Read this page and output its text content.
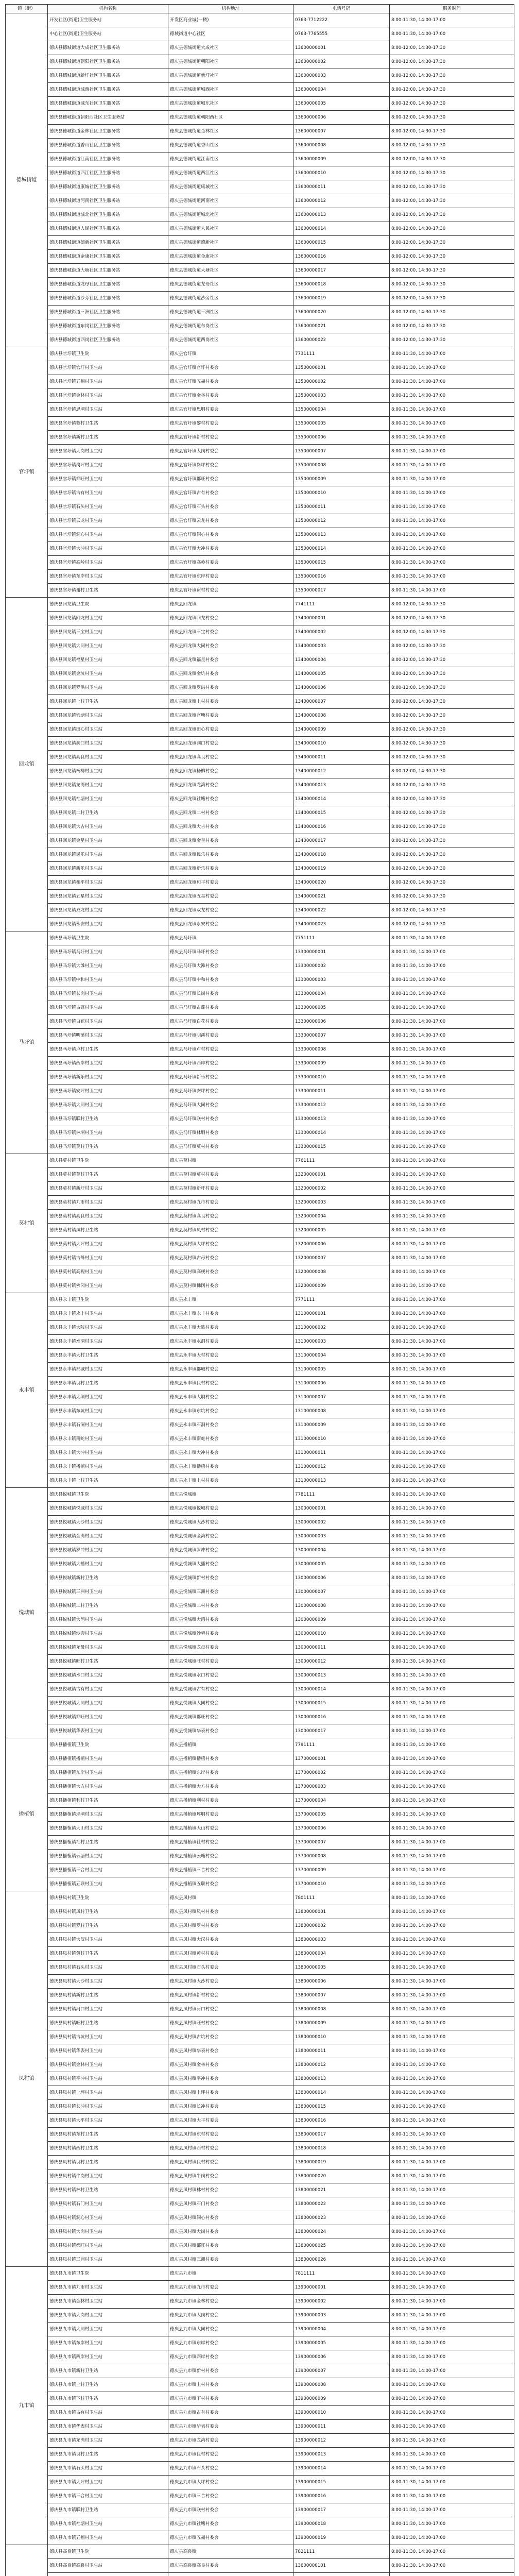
镇（街）	机构名称	机构地址	电话号码	服务时间
德城街道	开发社区(街道)卫生服务站	开发区商业城(一楼)	0763-7712222	8:00-11:30, 14:00-17:00
	中心社区(街道)卫生服务站	德城街道中心社区	0763-7765555	8:00-11:30, 14:00-17:00
	德庆县德城街道大成社区卫生服务站	德庆县德城街道大成社区	13600000001	8:00-12:00, 14:30-17:30
	德庆县德城街道朝阳社区卫生服务站	德庆县德城街道朝阳社区	13600000002	8:00-12:00, 14:30-17:30
	德庆县德城街道新圩社区卫生服务站	德庆县德城街道新圩社区	13600000003	8:00-12:00, 14:30-17:30
	德庆县德城街道城西社区卫生服务站	德庆县德城街道城西社区	13600000004	8:00-12:00, 14:30-17:30
	德庆县德城街道城东社区卫生服务站	德庆县德城街道城东社区	13600000005	8:00-12:00, 14:30-17:30
	德庆县德城街道朝阳西社区卫生服务站	德庆县德城街道朝阳西社区	13600000006	8:00-12:00, 14:30-17:30
	德庆县德城街道金林社区卫生服务站	德庆县德城街道金林社区	13600000007	8:00-12:00, 14:30-17:30
	德庆县德城街道香山社区卫生服务站	德庆县德城街道香山社区	13600000008	8:00-12:00, 14:30-17:30
	德庆县德城街道江南社区卫生服务站	德庆县德城街道江南社区	13600000009	8:00-12:00, 14:30-17:30
	德庆县德城街道西江社区卫生服务站	德庆县德城街道西江社区	13600000010	8:00-12:00, 14:30-17:30
	德庆县德城街道康城社区卫生服务站	德庆县德城街道康城社区	13600000011	8:00-12:00, 14:30-17:30
	德庆县德城街道河南社区卫生服务站	德庆县德城街道河南社区	13600000012	8:00-12:00, 14:30-17:30
	德庆县德城街道城北社区卫生服务站	德庆县德城街道城北社区	13600000013	8:00-12:00, 14:30-17:30
	德庆县德城街道人民社区卫生服务站	德庆县德城街道人民社区	13600000014	8:00-12:00, 14:30-17:30
	德庆县德城街道德新社区卫生服务站	德庆县德城街道德新社区	13600000015	8:00-12:00, 14:30-17:30
	德庆县德城街道金康社区卫生服务站	德庆县德城街道金康社区	13600000016	8:00-12:00, 14:30-17:30
	德庆县德城街道大塘社区卫生服务站	德庆县德城街道大塘社区	13600000017	8:00-12:00, 14:30-17:30
	德庆县德城街道龙母社区卫生服务站	德庆县德城街道龙母社区	13600000018	8:00-12:00, 14:30-17:30
	德庆县德城街道沙旁社区卫生服务站	德庆县德城街道沙旁社区	13600000019	8:00-12:00, 14:30-17:30
	德庆县德城街道三洲社区卫生服务站	德庆县德城街道三洲社区	13600000020	8:00-12:00, 14:30-17:30
	德庆县德城街道东岗社区卫生服务站	德庆县德城街道东岗社区	13600000021	8:00-12:00, 14:30-17:30
	德庆县德城街道西岗社区卫生服务站	德庆县德城街道西岗社区	13600000022	8:00-12:00, 14:30-17:30
官圩镇	德庆县官圩镇卫生院	德庆县官圩镇	7731111	8:00-11:30, 14:00-17:00
	德庆县官圩镇官圩村卫生站	德庆县官圩镇官圩村委会	13500000001	8:00-11:30, 14:00-17:00
	德庆县官圩镇五福村卫生站	德庆县官圩镇五福村委会	13500000002	8:00-11:30, 14:00-17:00
	德庆县官圩镇金林村卫生站	德庆县官圩镇金林村委会	13500000003	8:00-11:30, 14:00-17:00
	德庆县官圩镇思垌村卫生站	德庆县官圩镇思垌村委会	13500000004	8:00-11:30, 14:00-17:00
	德庆县官圩镇黎村卫生站	德庆县官圩镇黎村村委会	13500000005	8:00-11:30, 14:00-17:00
	德庆县官圩镇新村卫生站	德庆县官圩镇新村村委会	13500000006	8:00-11:30, 14:00-17:00
	德庆县官圩镇大岗村卫生站	德庆县官圩镇大岗村委会	13500000007	8:00-11:30, 14:00-17:00
	德庆县官圩镇岗坪村卫生站	德庆县官圩镇岗坪村委会	13500000008	8:00-11:30, 14:00-17:00
	德庆县官圩镇都旺村卫生站	德庆县官圩镇都旺村委会	13500000009	8:00-11:30, 14:00-17:00
	德庆县官圩镇古有村卫生站	德庆县官圩镇古有村委会	13500000010	8:00-11:30, 14:00-17:00
	德庆县官圩镇石头村卫生站	德庆县官圩镇石头村委会	13500000011	8:00-11:30, 14:00-17:00
	德庆县官圩镇云龙村卫生站	德庆县官圩镇云龙村委会	13500000012	8:00-11:30, 14:00-17:00
	德庆县官圩镇洞心村卫生站	德庆县官圩镇洞心村委会	13500000013	8:00-11:30, 14:00-17:00
	德庆县官圩镇大冲村卫生站	德庆县官圩镇大冲村委会	13500000014	8:00-11:30, 14:00-17:00
	德庆县官圩镇高岭村卫生站	德庆县官圩镇高岭村委会	13500000015	8:00-11:30, 14:00-17:00
	德庆县官圩镇东岸村卫生站	德庆县官圩镇东岸村委会	13500000016	8:00-11:30, 14:00-17:00
	德庆县官圩镇谢村卫生站	德庆县官圩镇谢村村委会	13500000017	8:00-11:30, 14:00-17:00
回龙镇	德庆县回龙镇卫生院	德庆县回龙镇	7741111	8:00-12:00, 14:30-17:30
	德庆县回龙镇回龙村卫生站	德庆县回龙镇回龙村委会	13400000001	8:00-12:00, 14:30-17:30
	德庆县回龙镇三宝村卫生站	德庆县回龙镇三宝村委会	13400000002	8:00-12:00, 14:30-17:30
	德庆县回龙镇大同村卫生站	德庆县回龙镇大同村委会	13400000003	8:00-12:00, 14:30-17:30
	德庆县回龙镇福星村卫生站	德庆县回龙镇福星村委会	13400000004	8:00-12:00, 14:30-17:30
	德庆县回龙镇金坑村卫生站	德庆县回龙镇金坑村委会	13400000005	8:00-12:00, 14:30-17:30
	德庆县回龙镇罗洪村卫生站	德庆县回龙镇罗洪村委会	13400000006	8:00-12:00, 14:30-17:30
	德庆县回龙镇上村卫生站	德庆县回龙镇上村村委会	13400000007	8:00-12:00, 14:30-17:30
	德庆县回龙镇官塘村卫生站	德庆县回龙镇官塘村委会	13400000008	8:00-12:00, 14:30-17:30
	德庆县回龙镇田心村卫生站	德庆县回龙镇田心村委会	13400000009	8:00-12:00, 14:30-17:30
	德庆县回龙镇洞口村卫生站	德庆县回龙镇洞口村委会	13400000010	8:00-12:00, 14:30-17:30
	德庆县回龙镇高良村卫生站	德庆县回龙镇高良村委会	13400000011	8:00-12:00, 14:30-17:30
	德庆县回龙镇杨柳村卫生站	德庆县回龙镇杨柳村委会	13400000012	8:00-12:00, 14:30-17:30
	德庆县回龙镇龙湾村卫生站	德庆县回龙镇龙湾村委会	13400000013	8:00-12:00, 14:30-17:30
	德庆县回龙镇社塘村卫生站	德庆县回龙镇社塘村委会	13400000014	8:00-12:00, 14:30-17:30
	德庆县回龙镇二村卫生站	德庆县回龙镇二村村委会	13400000015	8:00-12:00, 14:30-17:30
	德庆县回龙镇大吉村卫生站	德庆县回龙镇大吉村委会	13400000016	8:00-12:00, 14:30-17:30
	德庆县回龙镇金星村卫生站	德庆县回龙镇金星村委会	13400000017	8:00-12:00, 14:30-17:30
	德庆县回龙镇民乐村卫生站	德庆县回龙镇民乐村委会	13400000018	8:00-12:00, 14:30-17:30
	德庆县回龙镇新乐村卫生站	德庆县回龙镇新乐村委会	13400000019	8:00-12:00, 14:30-17:30
	德庆县回龙镇和平村卫生站	德庆县回龙镇和平村委会	13400000020	8:00-12:00, 14:30-17:30
	德庆县回龙镇五星村卫生站	德庆县回龙镇五星村委会	13400000021	8:00-12:00, 14:30-17:30
	德庆县回龙镇双龙村卫生站	德庆县回龙镇双龙村委会	13400000022	8:00-12:00, 14:30-17:30
	德庆县回龙镇永安村卫生站	德庆县回龙镇永安村委会	13400000023	8:00-12:00, 14:30-17:30
马圩镇	德庆县马圩镇卫生院	德庆县马圩镇	7751111	8:00-11:30, 14:00-17:00
	德庆县马圩镇马圩村卫生站	德庆县马圩镇马圩村委会	13300000001	8:00-11:30, 14:00-17:00
	德庆县马圩镇大滩村卫生站	德庆县马圩镇大滩村委会	13300000002	8:00-11:30, 14:00-17:00
	德庆县马圩镇中和村卫生站	德庆县马圩镇中和村委会	13300000003	8:00-11:30, 14:00-17:00
	德庆县马圩镇长岗村卫生站	德庆县马圩镇长岗村委会	13300000004	8:00-11:30, 14:00-17:00
	德庆县马圩镇古蓬村卫生站	德庆县马圩镇古蓬村委会	13300000005	8:00-11:30, 14:00-17:00
	德庆县马圩镇白花村卫生站	德庆县马圩镇白花村委会	13300000006	8:00-11:30, 14:00-17:00
	德庆县马圩镇明溪村卫生站	德庆县马圩镇明溪村委会	13300000007	8:00-11:30, 14:00-17:00
	德庆县马圩镇卢村卫生站	德庆县马圩镇卢村村委会	13300000008	8:00-11:30, 14:00-17:00
	德庆县马圩镇西岸村卫生站	德庆县马圩镇西岸村委会	13300000009	8:00-11:30, 14:00-17:00
	德庆县马圩镇新乐村卫生站	德庆县马圩镇新乐村委会	13300000010	8:00-11:30, 14:00-17:00
	德庆县马圩镇安坪村卫生站	德庆县马圩镇安坪村委会	13300000011	8:00-11:30, 14:00-17:00
	德庆县马圩镇大同村卫生站	德庆县马圩镇大同村委会	13300000012	8:00-11:30, 14:00-17:00
	德庆县马圩镇联村卫生站	德庆县马圩镇联村村委会	13300000013	8:00-11:30, 14:00-17:00
	德庆县马圩镇林垌村卫生站	德庆县马圩镇林垌村委会	13300000014	8:00-11:30, 14:00-17:00
	德庆县马圩镇莫村卫生站	德庆县马圩镇莫村村委会	13300000015	8:00-11:30, 14:00-17:00
莫村镇	德庆县莫村镇卫生院	德庆县莫村镇	7761111	8:00-11:30, 14:00-17:00
	德庆县莫村镇莫村卫生站	德庆县莫村镇莫村村委会	13200000001	8:00-11:30, 14:00-17:00
	德庆县莫村镇新圩村卫生站	德庆县莫村镇新圩村委会	13200000002	8:00-11:30, 14:00-17:00
	德庆县莫村镇九市村卫生站	德庆县莫村镇九市村委会	13200000003	8:00-11:30, 14:00-17:00
	德庆县莫村镇高良村卫生站	德庆县莫村镇高良村委会	13200000004	8:00-11:30, 14:00-17:00
	德庆县莫村镇凤村卫生站	德庆县莫村镇凤村村委会	13200000005	8:00-11:30, 14:00-17:00
	德庆县莫村镇大坪村卫生站	德庆县莫村镇大坪村委会	13200000006	8:00-11:30, 14:00-17:00
	德庆县莫村镇古母村卫生站	德庆县莫村镇古母村委会	13200000007	8:00-11:30, 14:00-17:00
	德庆县莫村镇高枧村卫生站	德庆县莫村镇高枧村委会	13200000008	8:00-11:30, 14:00-17:00
	德庆县莫村镇佛冈村卫生站	德庆县莫村镇佛冈村委会	13200000009	8:00-11:30, 14:00-17:00
永丰镇	德庆县永丰镇卫生院	德庆县永丰镇	7771111	8:00-11:30, 14:00-17:00
	德庆县永丰镇永丰村卫生站	德庆县永丰镇永丰村委会	13100000001	8:00-11:30, 14:00-17:00
	德庆县永丰镇大陂村卫生站	德庆县永丰镇大陂村委会	13100000002	8:00-11:30, 14:00-17:00
	德庆县永丰镇水洞村卫生站	德庆县永丰镇水洞村委会	13100000003	8:00-11:30, 14:00-17:00
	德庆县永丰镇大村卫生站	德庆县永丰镇大村村委会	13100000004	8:00-11:30, 14:00-17:00
	德庆县永丰镇都城村卫生站	德庆县永丰镇都城村委会	13100000005	8:00-11:30, 14:00-17:00
	德庆县永丰镇良村卫生站	德庆县永丰镇良村村委会	13100000006	8:00-11:30, 14:00-17:00
	德庆县永丰镇大垌村卫生站	德庆县永丰镇大垌村委会	13100000007	8:00-11:30, 14:00-17:00
	德庆县永丰镇东坑村卫生站	德庆县永丰镇东坑村委会	13100000008	8:00-11:30, 14:00-17:00
	德庆县永丰镇石洞村卫生站	德庆县永丰镇石洞村委会	13100000009	8:00-11:30, 14:00-17:00
	德庆县永丰镇南蛇村卫生站	德庆县永丰镇南蛇村委会	13100000010	8:00-11:30, 14:00-17:00
	德庆县永丰镇大冲村卫生站	德庆县永丰镇大冲村委会	13100000011	8:00-11:30, 14:00-17:00
	德庆县永丰镇播植村卫生站	德庆县永丰镇播植村委会	13100000012	8:00-11:30, 14:00-17:00
	德庆县永丰镇上村卫生站	德庆县永丰镇上村村委会	13100000013	8:00-11:30, 14:00-17:00
悦城镇	德庆县悦城镇卫生院	德庆县悦城镇	7781111	8:00-11:30, 14:00-17:00
	德庆县悦城镇悦城村卫生站	德庆县悦城镇悦城村委会	13000000001	8:00-11:30, 14:00-17:00
	德庆县悦城镇大沙村卫生站	德庆县悦城镇大沙村委会	13000000002	8:00-11:30, 14:00-17:00
	德庆县悦城镇金湾村卫生站	德庆县悦城镇金湾村委会	13000000003	8:00-11:30, 14:00-17:00
	德庆县悦城镇罗冲村卫生站	德庆县悦城镇罗冲村委会	13000000004	8:00-11:30, 14:00-17:00
	德庆县悦城镇大播村卫生站	德庆县悦城镇大播村委会	13000000005	8:00-11:30, 14:00-17:00
	德庆县悦城镇新村卫生站	德庆县悦城镇新村村委会	13000000006	8:00-11:30, 14:00-17:00
	德庆县悦城镇三洲村卫生站	德庆县悦城镇三洲村委会	13000000007	8:00-11:30, 14:00-17:00
	德庆县悦城镇二村卫生站	德庆县悦城镇二村村委会	13000000008	8:00-11:30, 14:00-17:00
	德庆县悦城镇大湾村卫生站	德庆县悦城镇大湾村委会	13000000009	8:00-11:30, 14:00-17:00
	德庆县悦城镇沙旁村卫生站	德庆县悦城镇沙旁村委会	13000000010	8:00-11:30, 14:00-17:00
	德庆县悦城镇龙母村卫生站	德庆县悦城镇龙母村委会	13000000011	8:00-11:30, 14:00-17:00
	德庆县悦城镇旺村卫生站	德庆县悦城镇旺村村委会	13000000012	8:00-11:30, 14:00-17:00
	德庆县悦城镇水口村卫生站	德庆县悦城镇水口村委会	13000000013	8:00-11:30, 14:00-17:00
	德庆县悦城镇古有村卫生站	德庆县悦城镇古有村委会	13000000014	8:00-11:30, 14:00-17:00
	德庆县悦城镇大同村卫生站	德庆县悦城镇大同村委会	13000000015	8:00-11:30, 14:00-17:00
	德庆县悦城镇都旺村卫生站	德庆县悦城镇都旺村委会	13000000016	8:00-11:30, 14:00-17:00
	德庆县悦城镇华表村卫生站	德庆县悦城镇华表村委会	13000000017	8:00-11:30, 14:00-17:00
播植镇	德庆县播植镇卫生院	德庆县播植镇	7791111	8:00-11:30, 14:00-17:00
	德庆县播植镇播植村卫生站	德庆县播植镇播植村委会	13700000001	8:00-11:30, 14:00-17:00
	德庆县播植镇东岸村卫生站	德庆县播植镇东岸村委会	13700000002	8:00-11:30, 14:00-17:00
	德庆县播植镇大方村卫生站	德庆县播植镇大方村委会	13700000003	8:00-11:30, 14:00-17:00
	德庆县播植镇利村卫生站	德庆县播植镇利村村委会	13700000004	8:00-11:30, 14:00-17:00
	德庆县播植镇坪垌村卫生站	德庆县播植镇坪垌村委会	13700000005	8:00-11:30, 14:00-17:00
	德庆县播植镇大山村卫生站	德庆县播植镇大山村委会	13700000006	8:00-11:30, 14:00-17:00
	德庆县播植镇社村卫生站	德庆县播植镇社村村委会	13700000007	8:00-11:30, 14:00-17:00
	德庆县播植镇云塘村卫生站	德庆县播植镇云塘村委会	13700000008	8:00-11:30, 14:00-17:00
	德庆县播植镇三合村卫生站	德庆县播植镇三合村委会	13700000009	8:00-11:30, 14:00-17:00
	德庆县播植镇五联村卫生站	德庆县播植镇五联村委会	13700000010	8:00-11:30, 14:00-17:00
凤村镇	德庆县凤村镇卫生院	德庆县凤村镇	7801111	8:00-11:30, 14:00-17:00
	德庆县凤村镇凤村卫生站	德庆县凤村镇凤村村委会	13800000001	8:00-11:30, 14:00-17:00
	德庆县凤村镇罗村卫生站	德庆县凤村镇罗村村委会	13800000002	8:00-11:30, 14:00-17:00
	德庆县凤村镇大汉村卫生站	德庆县凤村镇大汉村委会	13800000003	8:00-11:30, 14:00-17:00
	德庆县凤村镇黄村卫生站	德庆县凤村镇黄村村委会	13800000004	8:00-11:30, 14:00-17:00
	德庆县凤村镇石头村卫生站	德庆县凤村镇石头村委会	13800000005	8:00-11:30, 14:00-17:00
	德庆县凤村镇大沙村卫生站	德庆县凤村镇大沙村委会	13800000006	8:00-11:30, 14:00-17:00
	德庆县凤村镇新村卫生站	德庆县凤村镇新村村委会	13800000007	8:00-11:30, 14:00-17:00
	德庆县凤村镇河口村卫生站	德庆县凤村镇河口村委会	13800000008	8:00-11:30, 14:00-17:00
	德庆县凤村镇旺村卫生站	德庆县凤村镇旺村村委会	13800000009	8:00-11:30, 14:00-17:00
	德庆县凤村镇古坑村卫生站	德庆县凤村镇古坑村委会	13800000010	8:00-11:30, 14:00-17:00
	德庆县凤村镇华表村卫生站	德庆县凤村镇华表村委会	13800000011	8:00-11:30, 14:00-17:00
	德庆县凤村镇金林村卫生站	德庆县凤村镇金林村委会	13800000012	8:00-11:30, 14:00-17:00
	德庆县凤村镇平冲村卫生站	德庆县凤村镇平冲村委会	13800000013	8:00-11:30, 14:00-17:00
	德庆县凤村镇上坪村卫生站	德庆县凤村镇上坪村委会	13800000014	8:00-11:30, 14:00-17:00
	德庆县凤村镇长冲村卫生站	德庆县凤村镇长冲村委会	13800000015	8:00-11:30, 14:00-17:00
	德庆县凤村镇大平村卫生站	德庆县凤村镇大平村委会	13800000016	8:00-11:30, 14:00-17:00
	德庆县凤村镇东村卫生站	德庆县凤村镇东村村委会	13800000017	8:00-11:30, 14:00-17:00
	德庆县凤村镇西村卫生站	德庆县凤村镇西村村委会	13800000018	8:00-11:30, 14:00-17:00
	德庆县凤村镇良村卫生站	德庆县凤村镇良村村委会	13800000019	8:00-11:30, 14:00-17:00
	德庆县凤村镇牛岗村卫生站	德庆县凤村镇牛岗村委会	13800000020	8:00-11:30, 14:00-17:00
	德庆县凤村镇林村卫生站	德庆县凤村镇林村村委会	13800000021	8:00-11:30, 14:00-17:00
	德庆县凤村镇石门村卫生站	德庆县凤村镇石门村委会	13800000022	8:00-11:30, 14:00-17:00
	德庆县凤村镇洞心村卫生站	德庆县凤村镇洞心村委会	13800000023	8:00-11:30, 14:00-17:00
	德庆县凤村镇大岗村卫生站	德庆县凤村镇大岗村委会	13800000024	8:00-11:30, 14:00-17:00
	德庆县凤村镇都旺村卫生站	德庆县凤村镇都旺村委会	13800000025	8:00-11:30, 14:00-17:00
	德庆县凤村镇三洲村卫生站	德庆县凤村镇三洲村委会	13800000026	8:00-11:30, 14:00-17:00
九市镇	德庆县九市镇卫生院	德庆县九市镇	7811111	8:00-11:30, 14:00-17:00
	德庆县九市镇九市村卫生站	德庆县九市镇九市村委会	13900000001	8:00-11:30, 14:00-17:00
	德庆县九市镇金林村卫生站	德庆县九市镇金林村委会	13900000002	8:00-11:30, 14:00-17:00
	德庆县九市镇大岗村卫生站	德庆县九市镇大岗村委会	13900000003	8:00-11:30, 14:00-17:00
	德庆县九市镇大同村卫生站	德庆县九市镇大同村委会	13900000004	8:00-11:30, 14:00-17:00
	德庆县九市镇东岸村卫生站	德庆县九市镇东岸村委会	13900000005	8:00-11:30, 14:00-17:00
	德庆县九市镇西岸村卫生站	德庆县九市镇西岸村委会	13900000006	8:00-11:30, 14:00-17:00
	德庆县九市镇新村卫生站	德庆县九市镇新村村委会	13900000007	8:00-11:30, 14:00-17:00
	德庆县九市镇上村卫生站	德庆县九市镇上村村委会	13900000008	8:00-11:30, 14:00-17:00
	德庆县九市镇下村卫生站	德庆县九市镇下村村委会	13900000009	8:00-11:30, 14:00-17:00
	德庆县九市镇古有村卫生站	德庆县九市镇古有村委会	13900000010	8:00-11:30, 14:00-17:00
	德庆县九市镇华表村卫生站	德庆县九市镇华表村委会	13900000011	8:00-11:30, 14:00-17:00
	德庆县九市镇龙湾村卫生站	德庆县九市镇龙湾村委会	13900000012	8:00-11:30, 14:00-17:00
	德庆县九市镇良村卫生站	德庆县九市镇良村村委会	13900000013	8:00-11:30, 14:00-17:00
	德庆县九市镇石头村卫生站	德庆县九市镇石头村委会	13900000014	8:00-11:30, 14:00-17:00
	德庆县九市镇大坪村卫生站	德庆县九市镇大坪村委会	13900000015	8:00-11:30, 14:00-17:00
	德庆县九市镇三合村卫生站	德庆县九市镇三合村委会	13900000016	8:00-11:30, 14:00-17:00
	德庆县九市镇联村卫生站	德庆县九市镇联村村委会	13900000017	8:00-11:30, 14:00-17:00
	德庆县九市镇社塘村卫生站	德庆县九市镇社塘村委会	13900000018	8:00-11:30, 14:00-17:00
	德庆县九市镇五福村卫生站	德庆县九市镇五福村委会	13900000019	8:00-11:30, 14:00-17:00
	德庆县高良镇卫生院	德庆县高良镇	7821111	8:00-11:30, 14:00-17:00
	德庆县高良镇高良村卫生站	德庆县高良镇高良村委会	13600000101	8:00-11:30, 14:00-17:00
